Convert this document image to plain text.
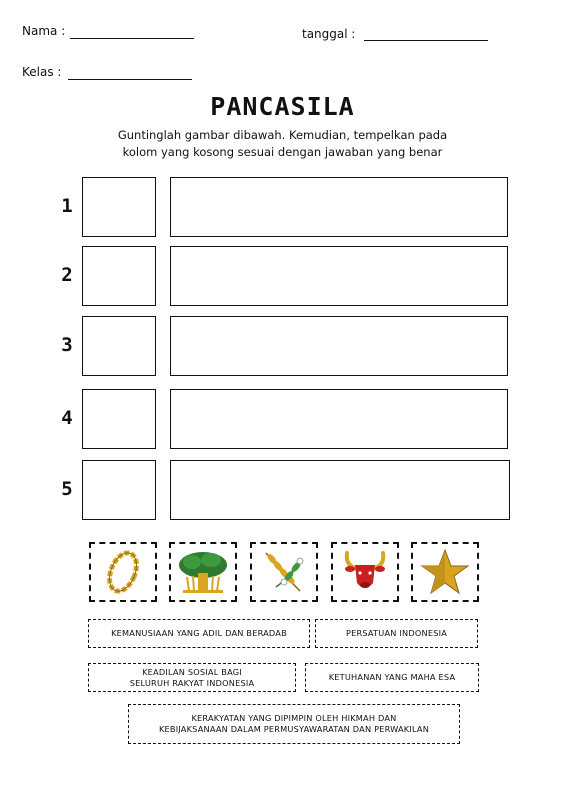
Nama :	tanggal :
Kelas :
PANCASILA
Guntinglah gambar dibawah. Kemudian, tempelkan pada
kolom yang kosong sesuai dengan jawaban yang benar
1
2
3
4
5
KEMANUSIAAN YANG ADIL DAN BERADAB	PERSATUAN INDONESIA
KEADILAN SOSIAL BAGI
SELURUH RAKYAT INDONESIA
KETUHANAN YANG MAHA ESA
KERAKYATAN YANG DIPIMPIN OLEH HIKMAH DAN
KEBIJAKSANAAN DALAM PERMUSYAWARATAN DAN PERWAKILAN
